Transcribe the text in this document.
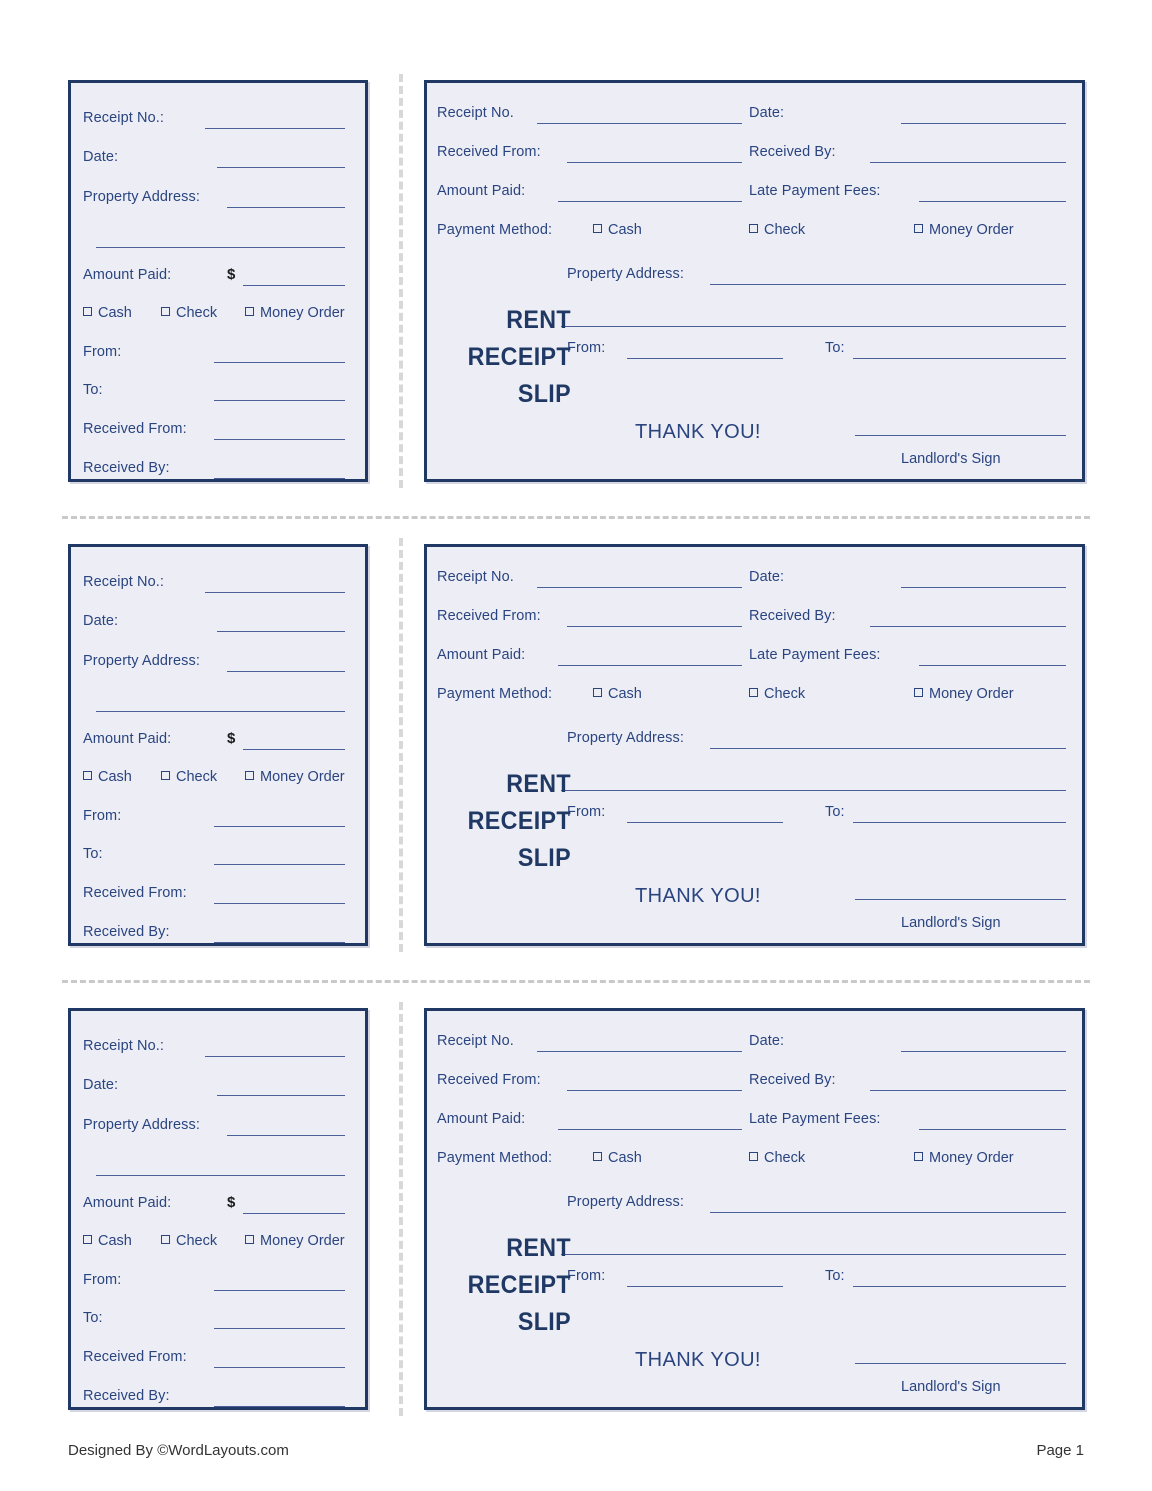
Receipt No.:
Date:
Property Address:
Amount Paid:	$
Cash	Check	Money Order
From:
To:
Received From:
Received By:
Receipt No.	Date:
Received From:	Received By:
Amount Paid:	Late Payment Fees:
Payment Method:	Cash	Check	Money Order
Property Address:
From:	To:
RENT
RECEIPT
SLIP
THANK YOU!
Landlord's Sign
Receipt No.:
Date:
Property Address:
Amount Paid:	$
Cash	Check	Money Order
From:
To:
Received From:
Received By:
Receipt No.	Date:
Received From:	Received By:
Amount Paid:	Late Payment Fees:
Payment Method:	Cash	Check	Money Order
Property Address:
From:	To:
RENT
RECEIPT
SLIP
THANK YOU!
Landlord's Sign
Receipt No.:
Date:
Property Address:
Amount Paid:	$
Cash	Check	Money Order
From:
To:
Received From:
Received By:
Receipt No.	Date:
Received From:	Received By:
Amount Paid:	Late Payment Fees:
Payment Method:	Cash	Check	Money Order
Property Address:
From:	To:
RENT
RECEIPT
SLIP
THANK YOU!
Landlord's Sign
Designed By ©WordLayouts.com	Page 1
